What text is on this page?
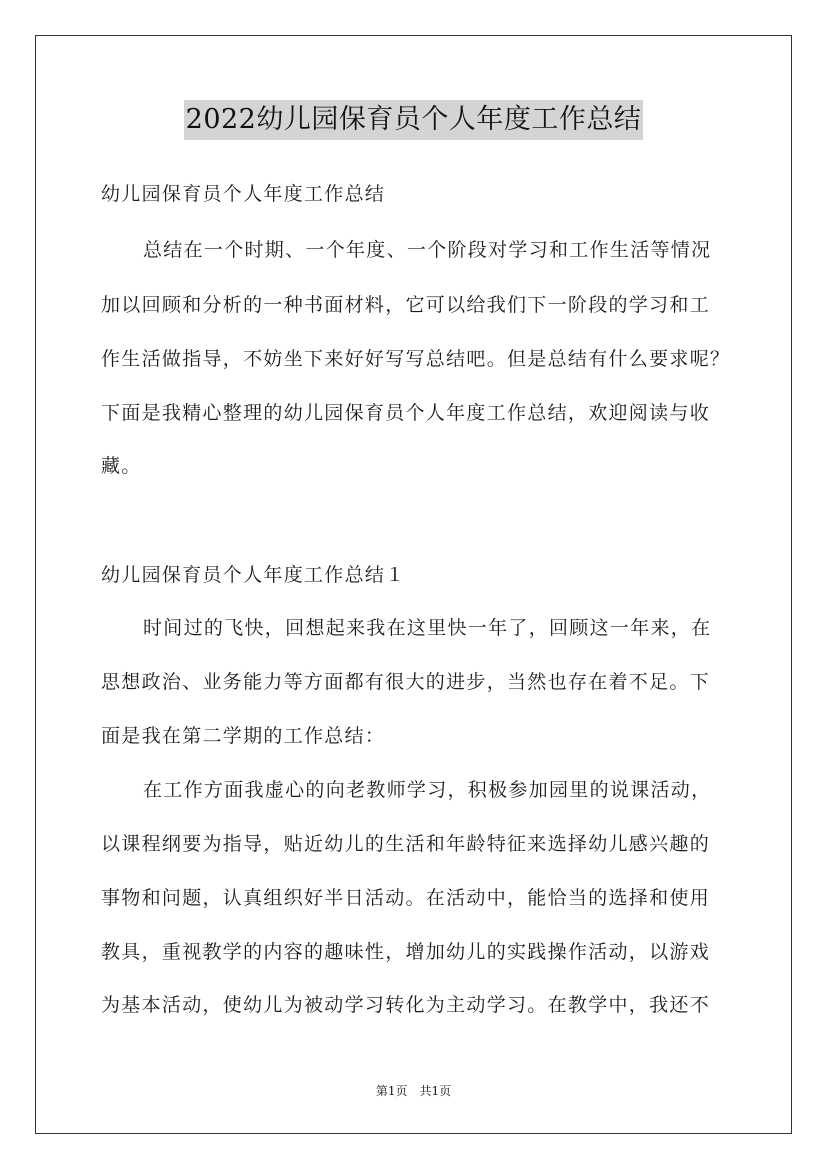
2022幼儿园保育员个人年度工作总结
幼儿园保育员个人年度工作总结
总结在一个时期、一个年度、一个阶段对学习和工作生活等情况
加以回顾和分析的一种书面材料，它可以给我们下一阶段的学习和工
作生活做指导，不妨坐下来好好写写总结吧。但是总结有什么要求呢？
下面是我精心整理的幼儿园保育员个人年度工作总结，欢迎阅读与收
藏。
幼儿园保育员个人年度工作总结１
时间过的飞快，回想起来我在这里快一年了，回顾这一年来，在
思想政治、业务能力等方面都有很大的进步，当然也存在着不足。下
面是我在第二学期的工作总结：
在工作方面我虚心的向老教师学习，积极参加园里的说课活动，
以课程纲要为指导，贴近幼儿的生活和年龄特征来选择幼儿感兴趣的
事物和问题，认真组织好半日活动。在活动中，能恰当的选择和使用
教具，重视教学的内容的趣味性，增加幼儿的实践操作活动，以游戏
为基本活动，使幼儿为被动学习转化为主动学习。在教学中，我还不
第1页　共1页
